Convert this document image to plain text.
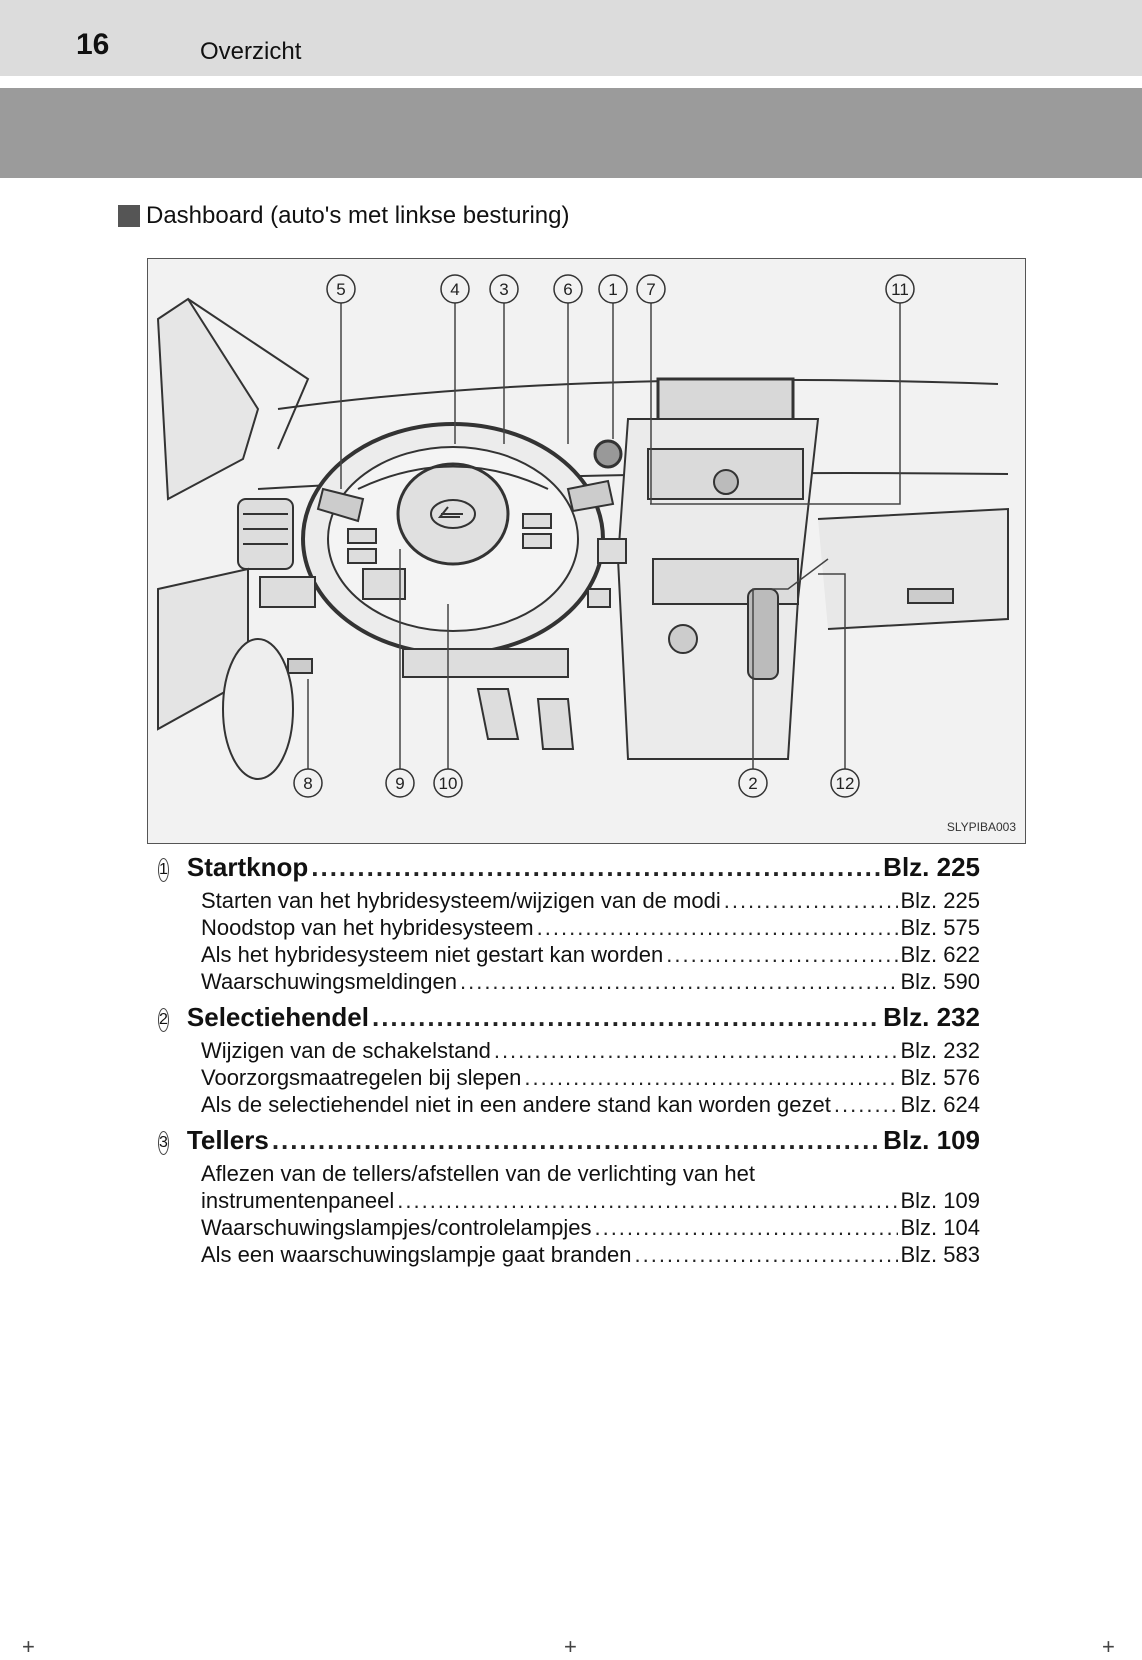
16	Overzicht
Dashboard (auto's met linkse besturing)
5	4 3	6 1 7	11
8	9 10	2	12
SLYPIBA003
1 Startknop .....	Blz. 225
Starten van het hybridesysteem/wijzigen van de modi .....	Blz. 225
Noodstop van het hybridesysteem .....	Blz. 575
Als het hybridesysteem niet gestart kan worden .....	Blz. 622
Waarschuwingsmeldingen .....	Blz. 590
2 Selectiehendel .....	Blz. 232
Wijzigen van de schakelstand .....	Blz. 232
Voorzorgsmaatregelen bij slepen .....	Blz. 576
Als de selectiehendel niet in een andere stand kan worden gezet .....	Blz. 624
3 Tellers .....	Blz. 109
Aflezen van de tellers/afstellen van de verlichting van het
instrumentenpaneel .....	Blz. 109
Waarschuwingslampjes/controlelampjes .....	Blz. 104
Als een waarschuwingslampje gaat branden .....	Blz. 583
+	+	+
